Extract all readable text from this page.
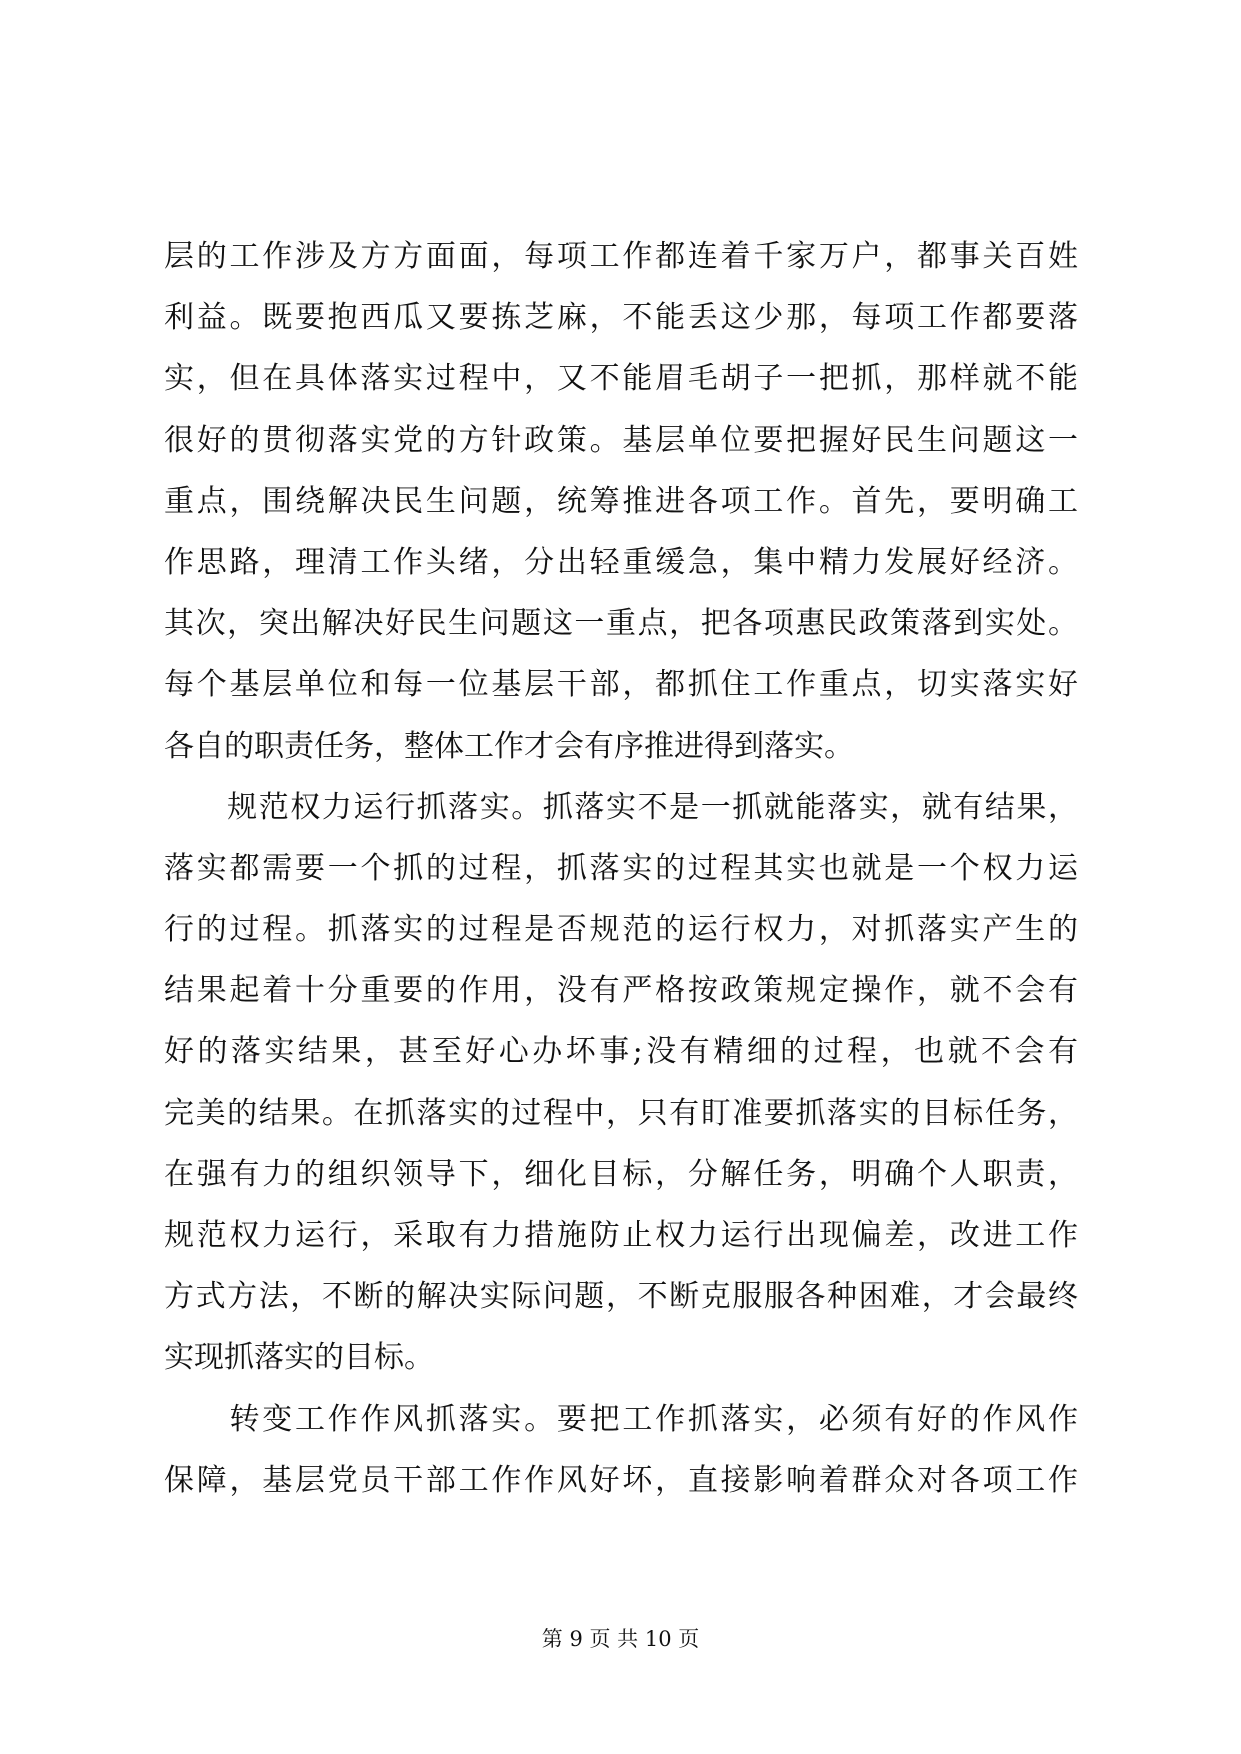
层的工作涉及方方面面，每项工作都连着千家万户，都事关百姓
利益。既要抱西瓜又要拣芝麻，不能丢这少那，每项工作都要落
实，但在具体落实过程中，又不能眉毛胡子一把抓，那样就不能
很好的贯彻落实党的方针政策。基层单位要把握好民生问题这一
重点，围绕解决民生问题，统筹推进各项工作。首先，要明确工
作思路，理清工作头绪，分出轻重缓急，集中精力发展好经济。
其次，突出解决好民生问题这一重点，把各项惠民政策落到实处。
每个基层单位和每一位基层干部，都抓住工作重点，切实落实好
各自的职责任务，整体工作才会有序推进得到落实。
　　规范权力运行抓落实。抓落实不是一抓就能落实，就有结果，
落实都需要一个抓的过程，抓落实的过程其实也就是一个权力运
行的过程。抓落实的过程是否规范的运行权力，对抓落实产生的
结果起着十分重要的作用，没有严格按政策规定操作，就不会有
好的落实结果，甚至好心办坏事;没有精细的过程，也就不会有
完美的结果。在抓落实的过程中，只有盯准要抓落实的目标任务，
在强有力的组织领导下，细化目标，分解任务，明确个人职责，
规范权力运行，采取有力措施防止权力运行出现偏差，改进工作
方式方法，不断的解决实际问题，不断克服服各种困难，才会最终
实现抓落实的目标。
　　转变工作作风抓落实。要把工作抓落实，必须有好的作风作
保障，基层党员干部工作作风好坏，直接影响着群众对各项工作
第 9 页 共 10 页
